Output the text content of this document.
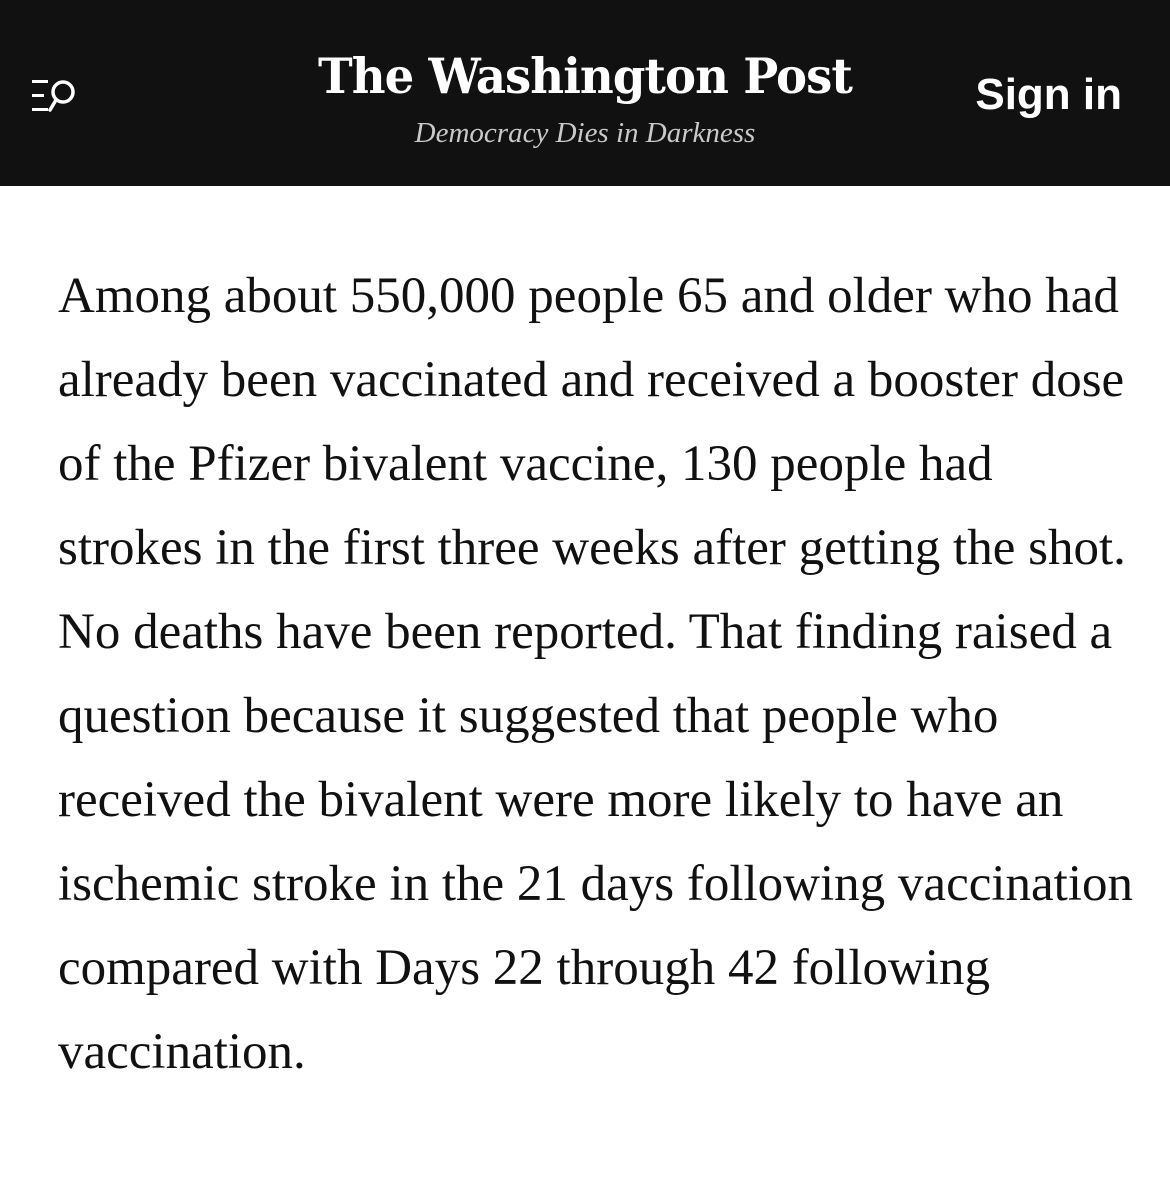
The Washington Post
Democracy Dies in Darkness
Sign in

Among about 550,000 people 65 and older who had already been vaccinated and received a booster dose of the Pfizer bivalent vaccine, 130 people had strokes in the first three weeks after getting the shot. No deaths have been reported. That finding raised a question because it suggested that people who received the bivalent were more likely to have an ischemic stroke in the 21 days following vaccination compared with Days 22 through 42 following vaccination.
